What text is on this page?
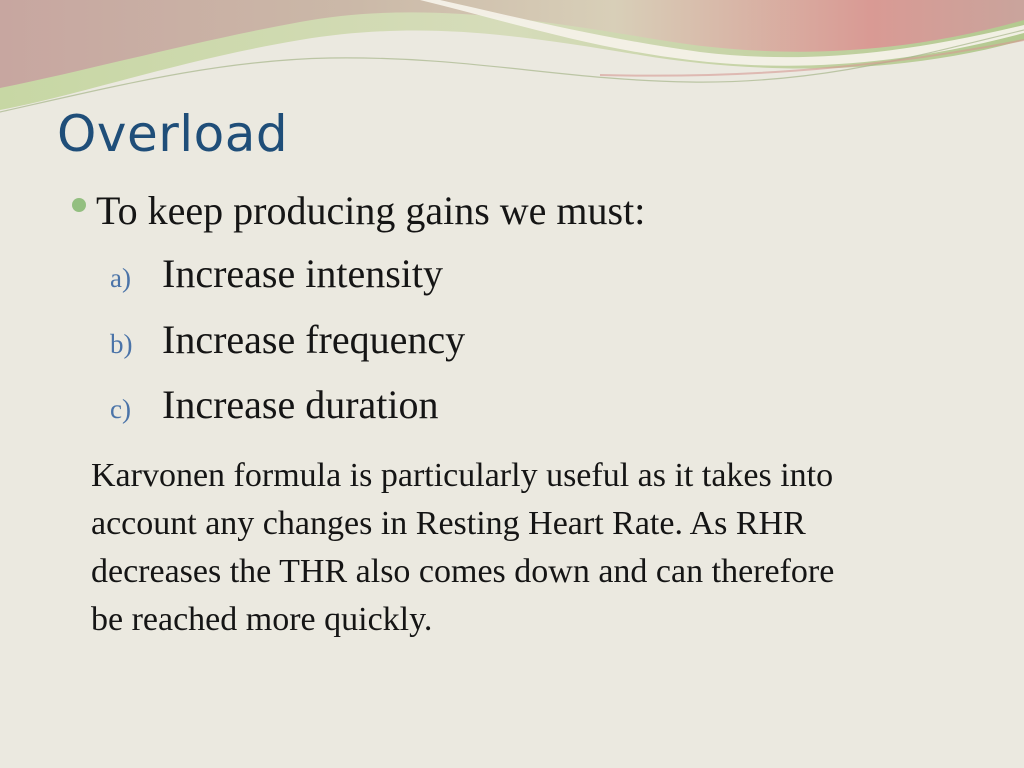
Overload
To keep producing gains we must:
a) Increase intensity
b) Increase frequency
c) Increase duration

Karvonen formula is particularly useful as it takes into account any changes in Resting Heart Rate. As RHR decreases the THR also comes down and can therefore be reached more quickly.
